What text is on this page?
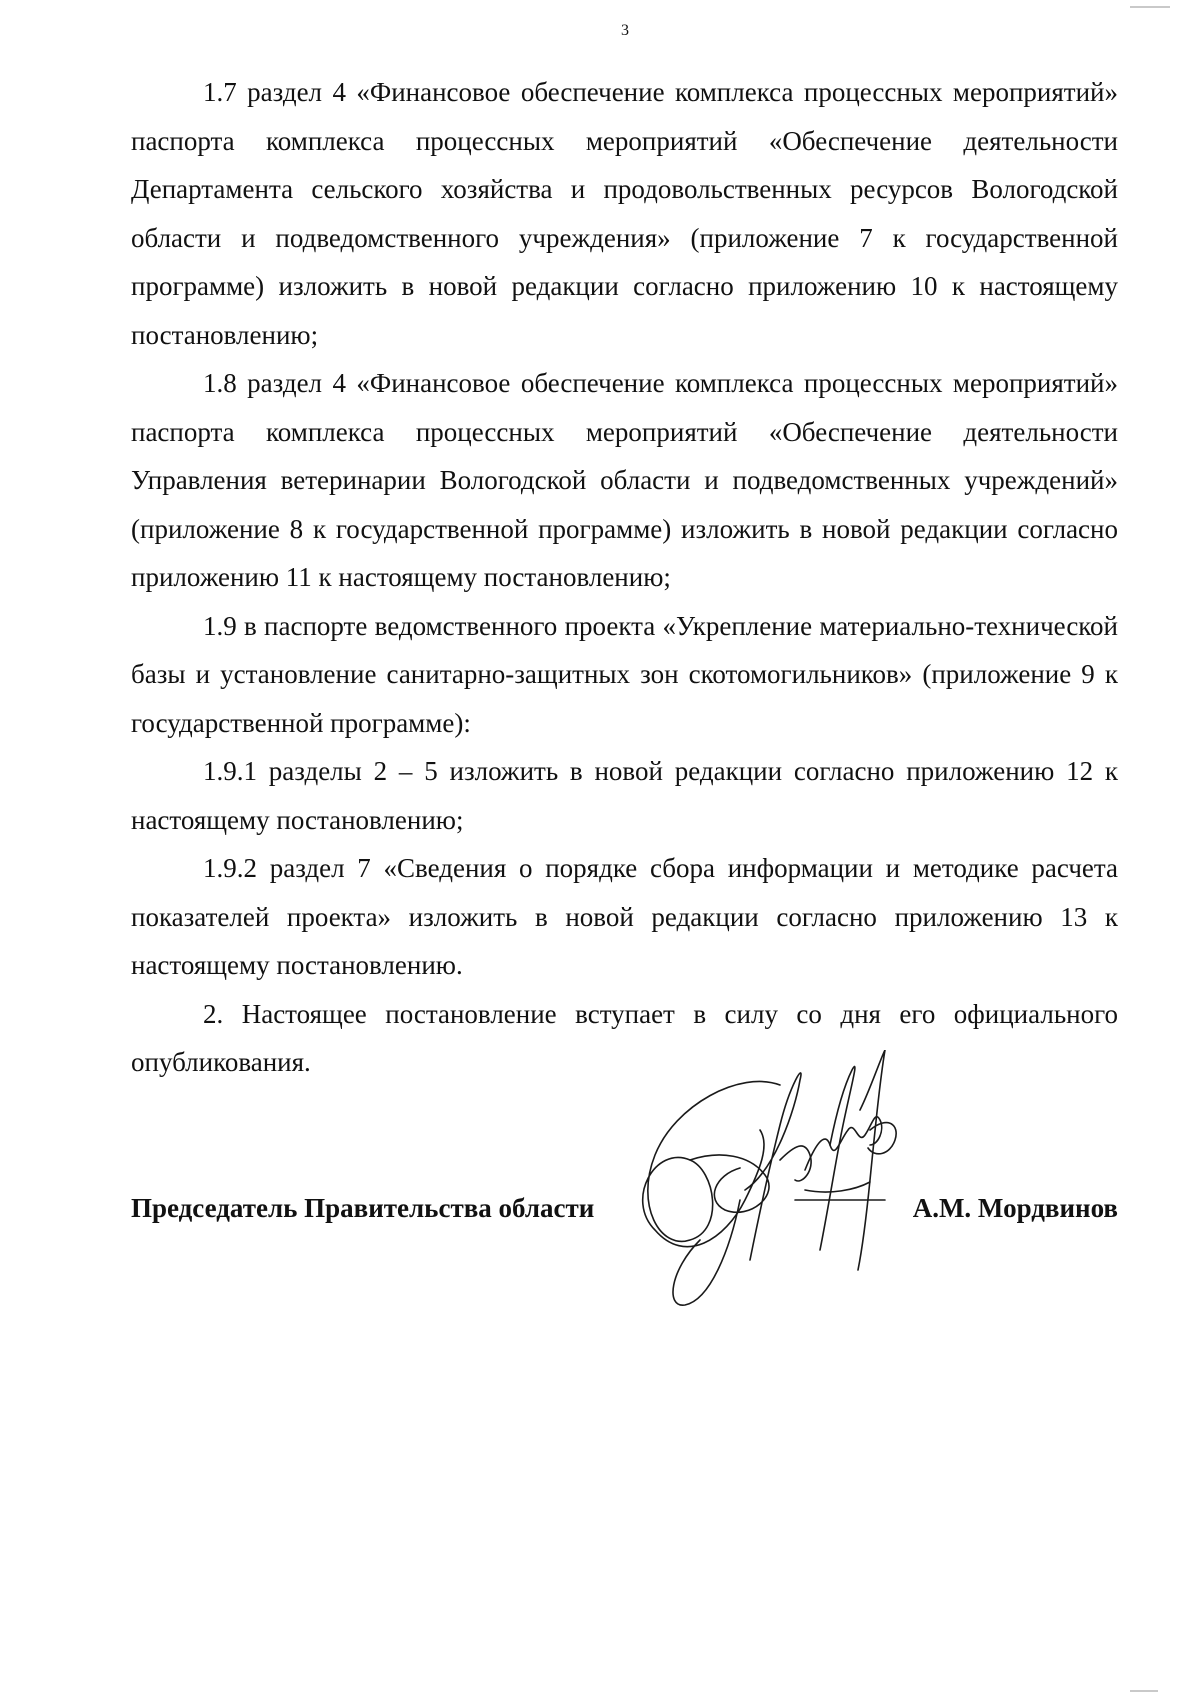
3

1.7 раздел 4 «Финансовое обеспечение комплекса процессных мероприятий» паспорта комплекса процессных мероприятий «Обеспечение деятельности Департамента сельского хозяйства и продовольственных ресурсов Вологодской области и подведомственного учреждения» (приложение 7 к государственной программе) изложить в новой редакции согласно приложению 10 к настоящему постановлению;

1.8 раздел 4 «Финансовое обеспечение комплекса процессных мероприятий» паспорта комплекса процессных мероприятий «Обеспечение деятельности Управления ветеринарии Вологодской области и подведомственных учреждений» (приложение 8 к государственной программе) изложить в новой редакции согласно приложению 11 к настоящему постановлению;

1.9 в паспорте ведомственного проекта «Укрепление материально-технической базы и установление санитарно-защитных зон скотомогильников» (приложение 9 к государственной программе):

1.9.1 разделы 2 – 5 изложить в новой редакции согласно приложению 12 к настоящему постановлению;

1.9.2 раздел 7 «Сведения о порядке сбора информации и методике расчета показателей проекта» изложить в новой редакции согласно приложению 13 к настоящему постановлению.

2. Настоящее постановление вступает в силу со дня его официального опубликования.

Председатель Правительства области	А.М. Мордвинов
